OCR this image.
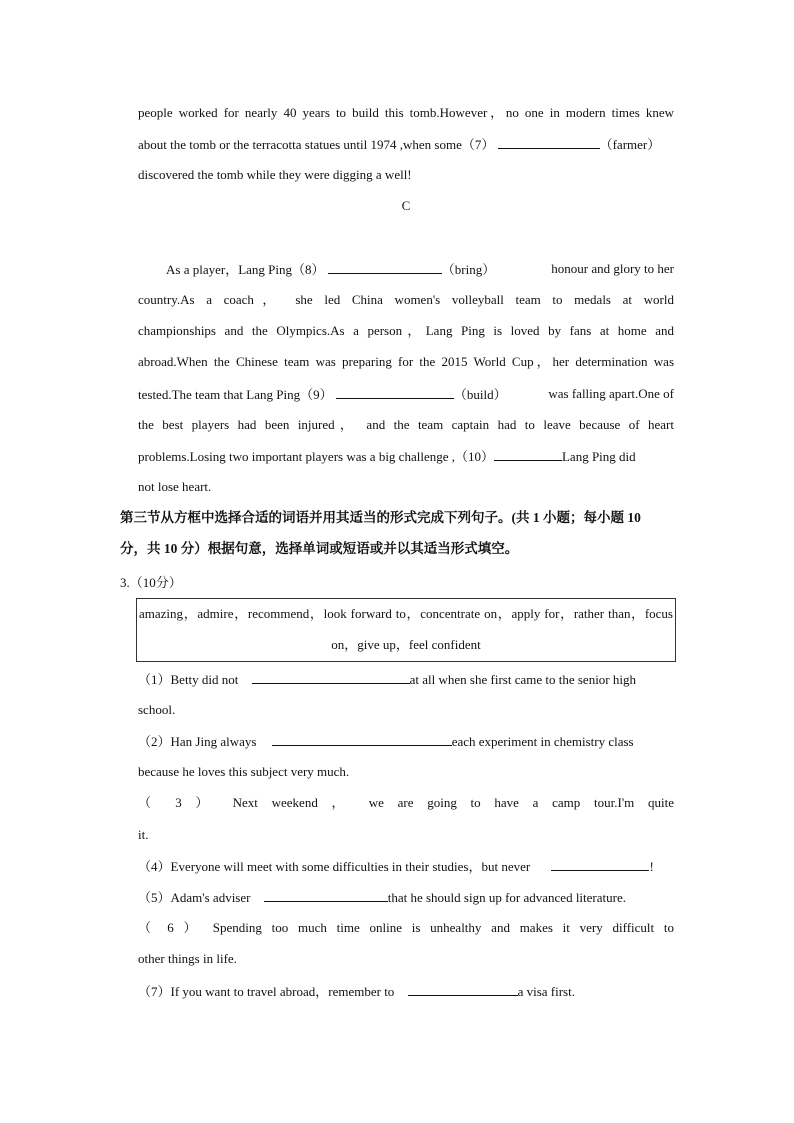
people worked for nearly 40 years to build this tomb.However，no one in modern times knew
about the tomb or the terracotta statues until 1974 ,when some（7）	（farmer）
discovered the tomb while they were digging a well!
C
As a player，Lang Ping（8）	（bring）	honour and glory to her
country.As a coach， she led China women's volleyball team to medals at world
championships and the Olympics.As a person，Lang Ping is loved by fans at home and
abroad.When the Chinese team was preparing for the 2015 World Cup，her determination was
tested.The team that Lang Ping（9）	（build）	was falling apart.One of
the best players had been injured， and the team captain had to leave because of heart
problems.Losing two important players was a big challenge ,（10）	Lang Ping did
not lose heart.
第三节从方框中选择合适的词语并用其适当的形式完成下列句子。(共 1 小题；每小题 10
分，共 10 分）根据句意，选择单词或短语或并以其适当形式填空。
3.（10分）
amazing，admire，recommend，look forward to，concentrate on，apply for，rather than，focus
on，give up，feel confident
（1）Betty did not	at all when she first came to the senior high
school.
（2）Han Jing always	each experiment in chemistry class
because he loves this subject very much.
（ 3 ） Next weekend ， we are going to have a camp tour.I'm quite
it.
（4）Everyone will meet with some difficulties in their studies，but never	!
（5）Adam's adviser	that he should sign up for advanced literature.
（ 6 ） Spending too much time online is unhealthy and makes it very difficult to
other things in life.
（7）If you want to travel abroad，remember to	a visa first.
